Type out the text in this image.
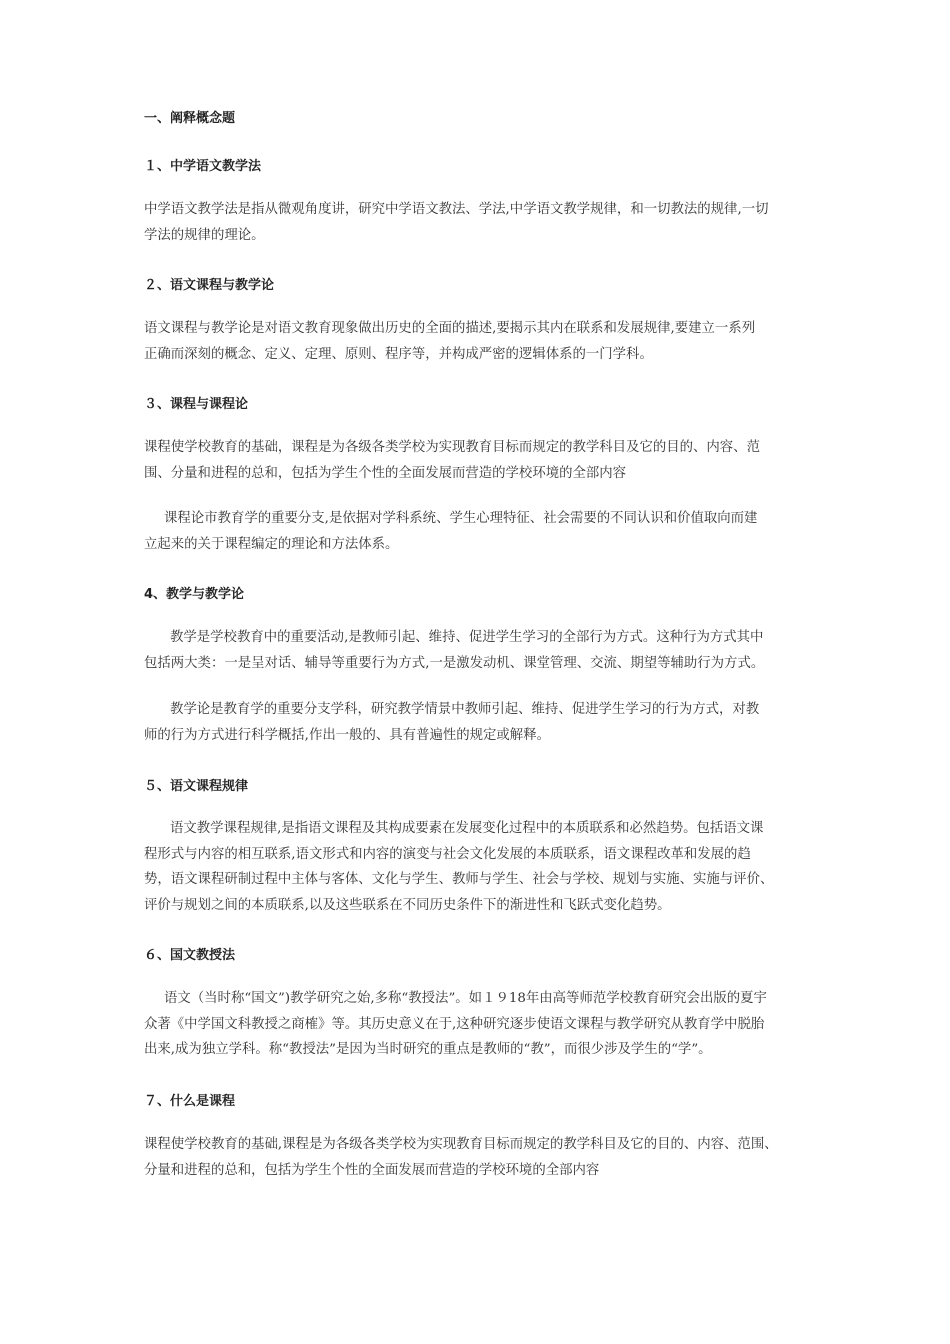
一、阐释概念题
１、中学语文教学法
中学语文教学法是指从微观角度讲，研究中学语文教法、学法,中学语文教学规律，和一切教法的规律,一切
学法的规律的理论。
２、语文课程与教学论
语文课程与教学论是对语文教育现象做出历史的全面的描述,要揭示其内在联系和发展规律,要建立一系列
正确而深刻的概念、定义、定理、原则、程序等，并构成严密的逻辑体系的一门学科。
３、课程与课程论
课程使学校教育的基础，课程是为各级各类学校为实现教育目标而规定的教学科目及它的目的、内容、范
围、分量和进程的总和，包括为学生个性的全面发展而营造的学校环境的全部内容
课程论市教育学的重要分支,是依据对学科系统、学生心理特征、社会需要的不同认识和价值取向而建
立起来的关于课程编定的理论和方法体系。
4、教学与教学论
教学是学校教育中的重要活动,是教师引起、维持、促进学生学习的全部行为方式。这种行为方式其中
包括两大类：一是呈对话、辅导等重要行为方式,一是激发动机、课堂管理、交流、期望等辅助行为方式。
教学论是教育学的重要分支学科，研究教学情景中教师引起、维持、促进学生学习的行为方式，对教
师的行为方式进行科学概括,作出一般的、具有普遍性的规定或解释。
５、语文课程规律
语文教学课程规律,是指语文课程及其构成要素在发展变化过程中的本质联系和必然趋势。包括语文课
程形式与内容的相互联系,语文形式和内容的演变与社会文化发展的本质联系，语文课程改革和发展的趋
势，语文课程研制过程中主体与客体、文化与学生、教师与学生、社会与学校、规划与实施、实施与评价、
评价与规划之间的本质联系,以及这些联系在不同历史条件下的渐进性和飞跃式变化趋势。
６、国文教授法
语文（当时称“国文”)教学研究之始,多称“教授法”。如１９18年由高等师范学校教育研究会出版的夏宇
众著《中学国文科教授之商榷》等。其历史意义在于,这种研究逐步使语文课程与教学研究从教育学中脱胎
出来,成为独立学科。称“教授法”是因为当时研究的重点是教师的“教”，而很少涉及学生的“学”。
７、什么是课程
课程使学校教育的基础,课程是为各级各类学校为实现教育目标而规定的教学科目及它的目的、内容、范围、
分量和进程的总和，包括为学生个性的全面发展而营造的学校环境的全部内容
